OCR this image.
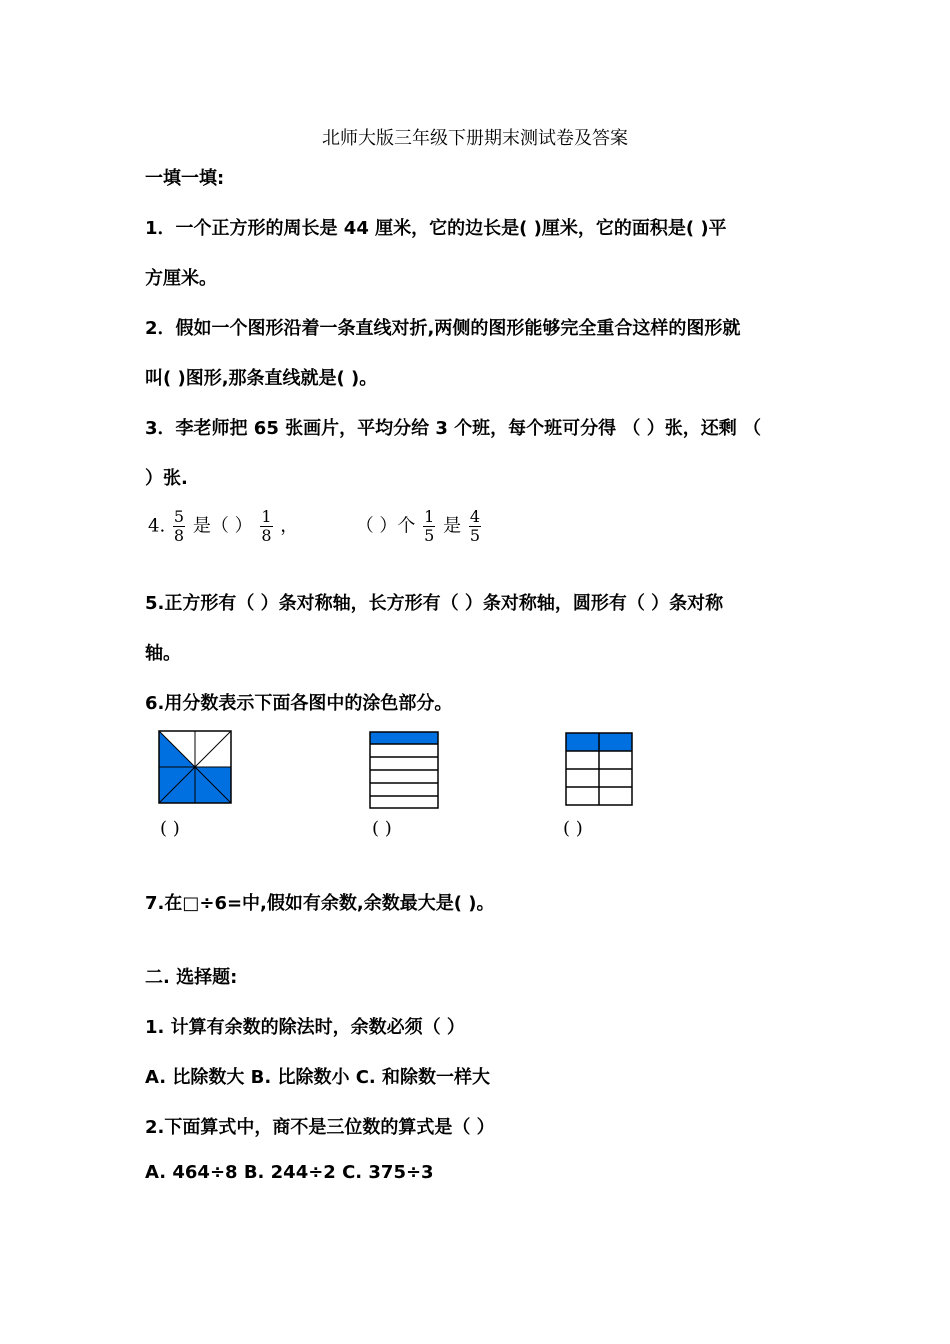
北师大版三年级下册期末测试卷及答案
一填一填:
1．一个正方形的周长是 44 厘米，它的边长是( )厘米，它的面积是( )平
方厘米。
2．假如一个图形沿着一条直线对折,两侧的图形能够完全重合这样的图形就
叫( )图形,那条直线就是( )。
3．李老师把 65 张画片，平均分给 3 个班，每个班可分得 （ ）张，还剩 （
）张.
4. $\frac{5}{8}$ 是（ ） $\frac{1}{8}$ ，	（ ）个 $\frac{1}{5}$ 是 $\frac{4}{5}$
5.正方形有（ ）条对称轴，长方形有（ ）条对称轴，圆形有（ ）条对称
轴。
6.用分数表示下面各图中的涂色部分。
( )	( )	( )
7.在□÷6=中,假如有余数,余数最大是( )。
二. 选择题:
1. 计算有余数的除法时，余数必须（ ）
A. 比除数大 B. 比除数小 C. 和除数一样大
2.下面算式中，商不是三位数的算式是（ ）
A. 464÷8 B. 244÷2 C. 375÷3
